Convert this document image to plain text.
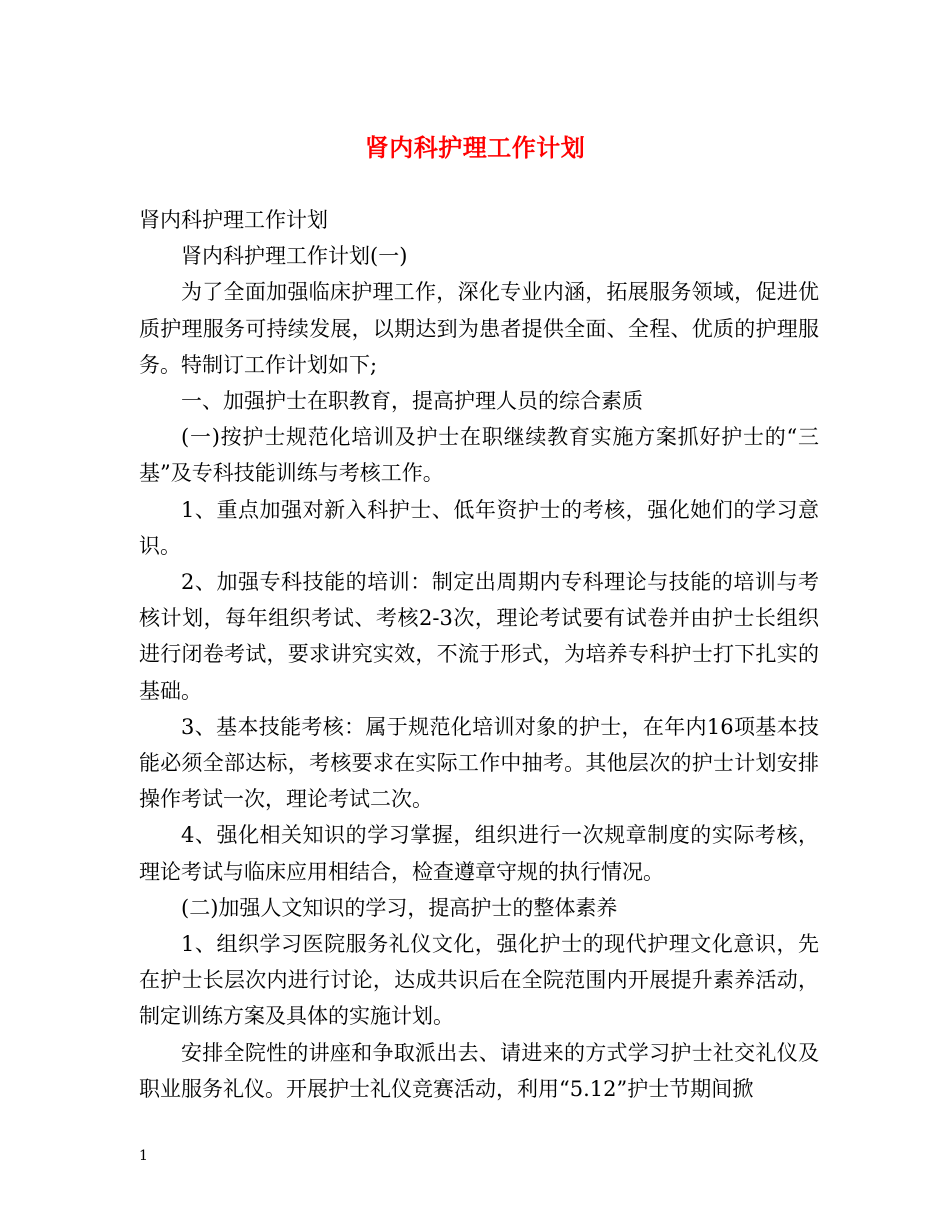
肾内科护理工作计划

肾内科护理工作计划

肾内科护理工作计划(一)

为了全面加强临床护理工作，深化专业内涵，拓展服务领域，促进优质护理服务可持续发展，以期达到为患者提供全面、全程、优质的护理服务。特制订工作计划如下;

一、加强护士在职教育，提高护理人员的综合素质

(一)按护士规范化培训及护士在职继续教育实施方案抓好护士的“三基”及专科技能训练与考核工作。

1、重点加强对新入科护士、低年资护士的考核，强化她们的学习意识。

2、加强专科技能的培训：制定出周期内专科理论与技能的培训与考核计划，每年组织考试、考核2-3次，理论考试要有试卷并由护士长组织进行闭卷考试，要求讲究实效，不流于形式，为培养专科护士打下扎实的基础。

3、基本技能考核：属于规范化培训对象的护士，在年内16项基本技能必须全部达标，考核要求在实际工作中抽考。其他层次的护士计划安排操作考试一次，理论考试二次。

4、强化相关知识的学习掌握，组织进行一次规章制度的实际考核，理论考试与临床应用相结合，检查遵章守规的执行情况。

(二)加强人文知识的学习，提高护士的整体素养

1、组织学习医院服务礼仪文化，强化护士的现代护理文化意识，先在护士长层次内进行讨论，达成共识后在全院范围内开展提升素养活动，制定训练方案及具体的实施计划。

安排全院性的讲座和争取派出去、请进来的方式学习护士社交礼仪及职业服务礼仪。开展护士礼仪竞赛活动，利用“5.12”护士节期间掀

1
